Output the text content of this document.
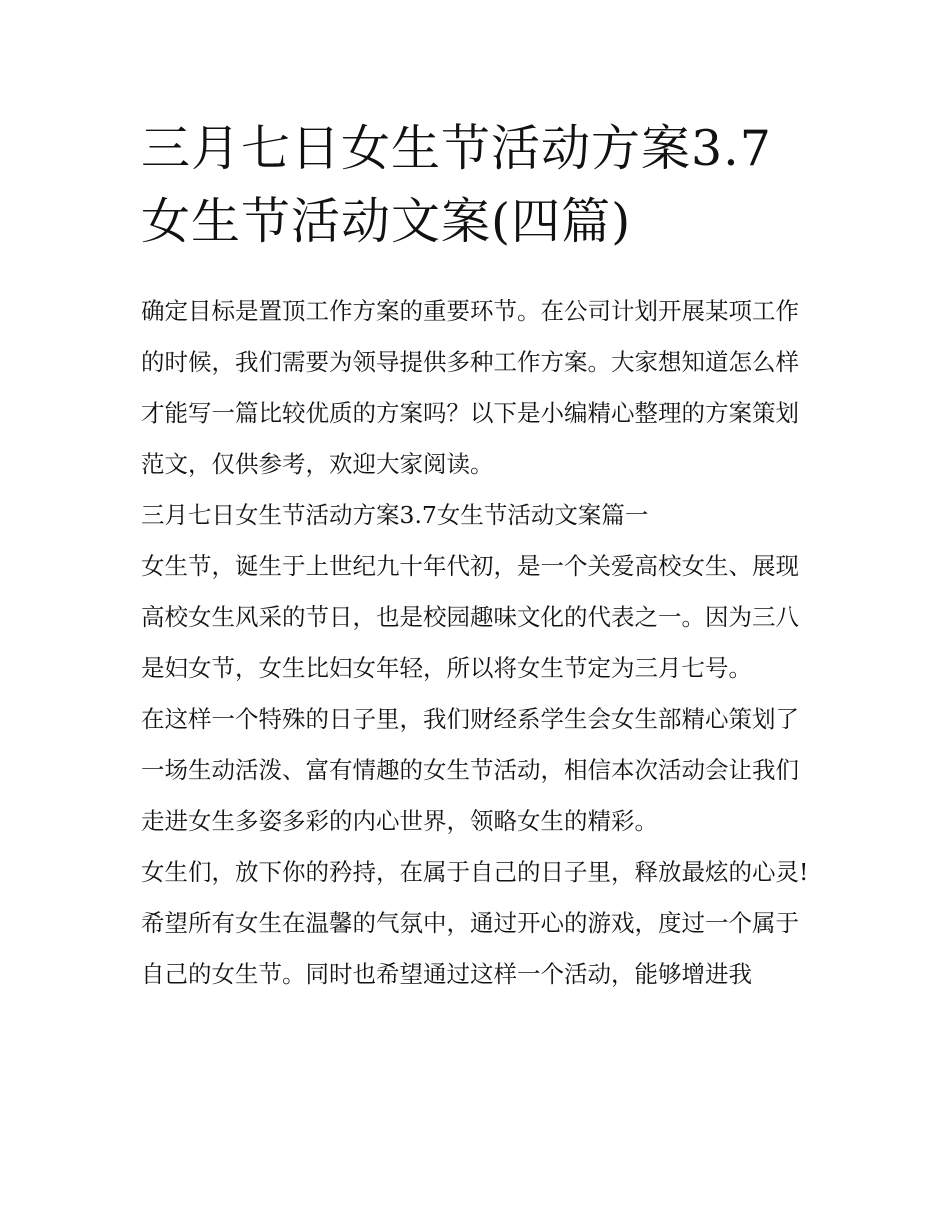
三月七日女生节活动方案3.7
女生节活动文案(四篇)

确定目标是置顶工作方案的重要环节。在公司计划开展某项工作的时候，我们需要为领导提供多种工作方案。大家想知道怎么样才能写一篇比较优质的方案吗？以下是小编精心整理的方案策划范文，仅供参考，欢迎大家阅读。

三月七日女生节活动方案3.7女生节活动文案篇一

女生节，诞生于上世纪九十年代初，是一个关爱高校女生、展现高校女生风采的节日，也是校园趣味文化的代表之一。因为三八是妇女节，女生比妇女年轻，所以将女生节定为三月七号。

在这样一个特殊的日子里，我们财经系学生会女生部精心策划了一场生动活泼、富有情趣的女生节活动，相信本次活动会让我们走进女生多姿多彩的内心世界，领略女生的精彩。

女生们，放下你的矜持，在属于自己的日子里，释放最炫的心灵!

希望所有女生在温馨的气氛中，通过开心的游戏，度过一个属于自己的女生节。同时也希望通过这样一个活动，能够增进我
